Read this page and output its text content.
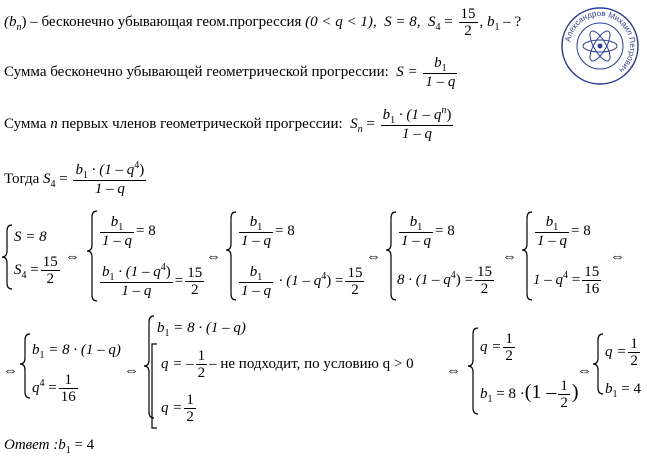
$(b_n)$ – бесконечно убывающая геом.прогрессия (0 < q < 1), S = 8, $S_4 = \frac{15}{2}$ , $b_1$ – ?
Сумма бесконечно убывающей геометрической прогрессии: $S = \frac{b_1}{1 - q}$
Сумма n первых членов геометрической прогрессии: $S_n = \frac{b_1 \cdot (1 - q^n)}{1 - q}$
Тогда $S_4 = \frac{b_1 \cdot (1 - q^4)}{1 - q}$
S = 8
$S_4 = \frac{15}{2}$ ⇔
$\frac{b_1}{1 - q} = 8$
$\frac{b_1 \cdot (1 - q^4)}{1 - q} = \frac{15}{2}$
⇔
$\frac{b_1}{1 - q} = 8$
$\frac{b_1}{1 - q} \cdot (1 - q^4) = \frac{15}{2}$
⇔
$\frac{b_1}{1 - q} = 8$
$8 \cdot (1 - q^4) = \frac{15}{2}$
⇔
$\frac{b_1}{1 - q} = 8$
$1 - q^4 = \frac{15}{16}$
⇔
⇔
$b_1 = 8 \cdot (1 - q)$
$q^4 = \frac{1}{16}$
⇔
$b_1 = 8 \cdot (1 - q)$
q = – $\frac{1}{2}$ – не подходит, по условию q > 0
$q = \frac{1}{2}$
⇔
$q = \frac{1}{2}$
$b_1 = 8 \cdot(1 - \frac{1}{2}$ )
⇔
$q = \frac{1}{2}$
$b_1 = 4$
Ответ $:b_1 = 4$
Александров Михаил Петрович
